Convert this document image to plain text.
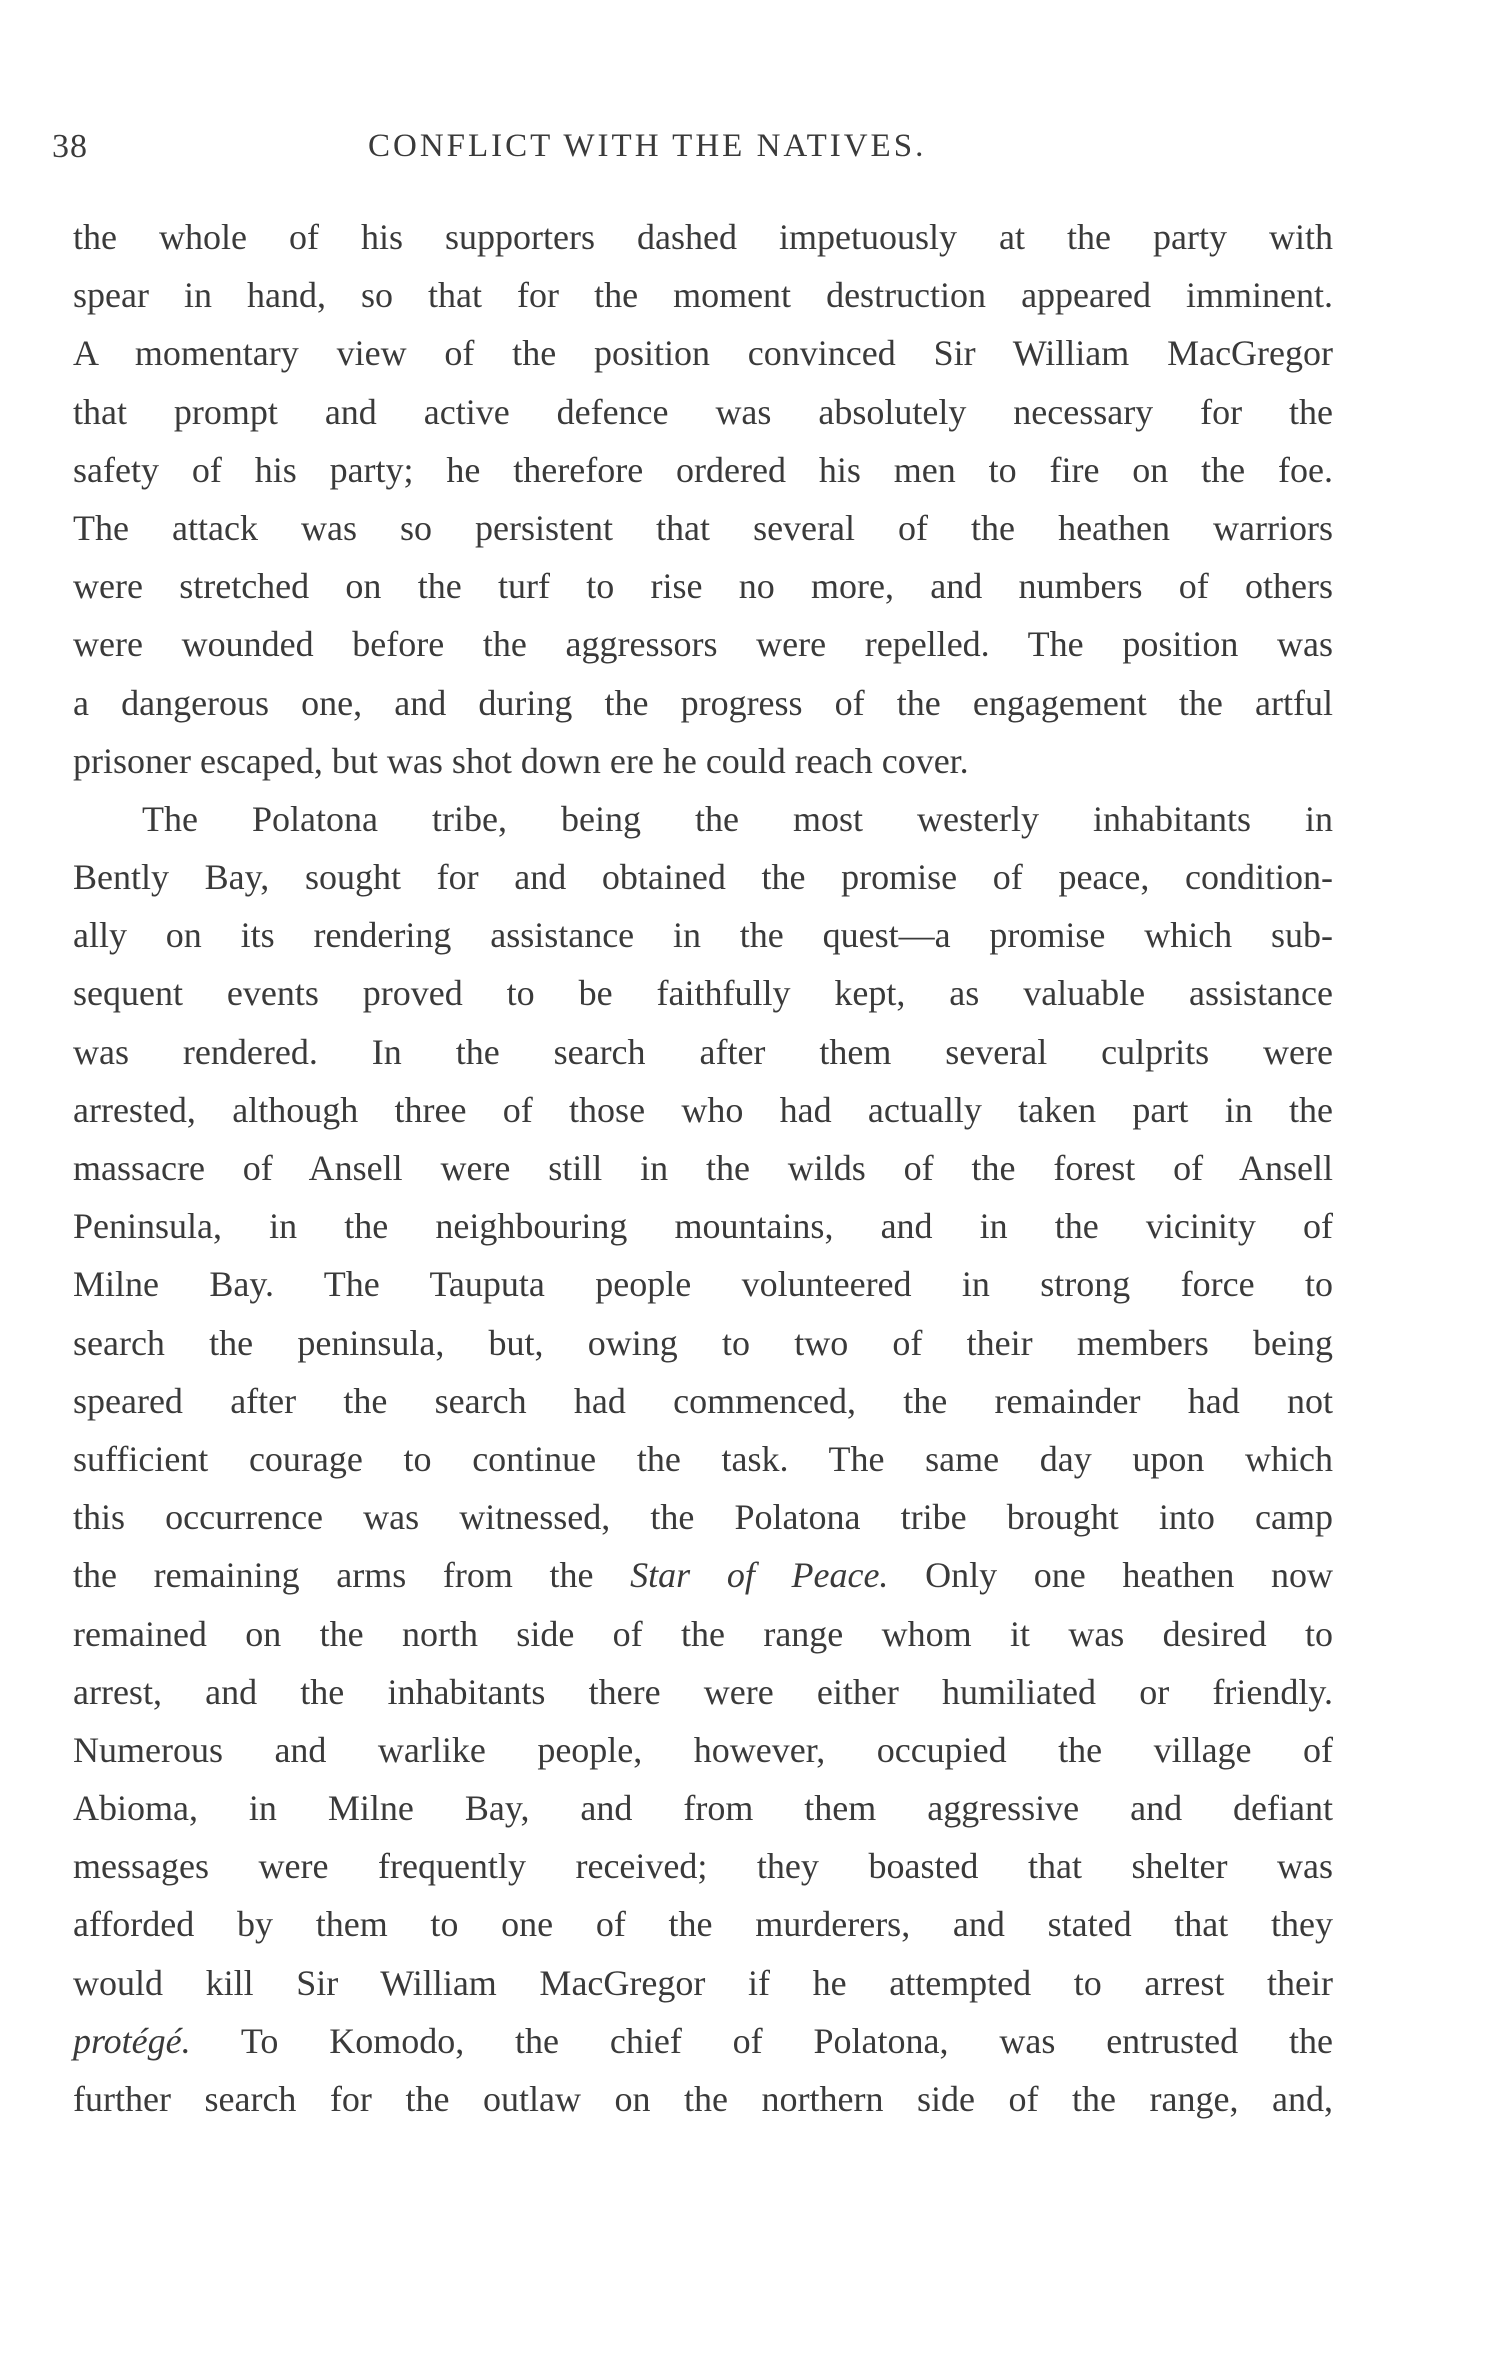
38	CONFLICT WITH THE NATIVES.
the whole of his supporters dashed impetuously at the party with
spear in hand, so that for the moment destruction appeared imminent.
A momentary view of the position convinced Sir William MacGregor
that prompt and active defence was absolutely necessary for the
safety of his party; he therefore ordered his men to fire on the foe.
The attack was so persistent that several of the heathen warriors
were stretched on the turf to rise no more, and numbers of others
were wounded before the aggressors were repelled. The position was
a dangerous one, and during the progress of the engagement the artful
prisoner escaped, but was shot down ere he could reach cover.
The Polatona tribe, being the most westerly inhabitants in
Bently Bay, sought for and obtained the promise of peace, condition-
ally on its rendering assistance in the quest—a promise which sub-
sequent events proved to be faithfully kept, as valuable assistance
was rendered. In the search after them several culprits were
arrested, although three of those who had actually taken part in the
massacre of Ansell were still in the wilds of the forest of Ansell
Peninsula, in the neighbouring mountains, and in the vicinity of
Milne Bay. The Tauputa people volunteered in strong force to
search the peninsula, but, owing to two of their members being
speared after the search had commenced, the remainder had not
sufficient courage to continue the task. The same day upon which
this occurrence was witnessed, the Polatona tribe brought into camp
the remaining arms from the Star of Peace. Only one heathen now
remained on the north side of the range whom it was desired to
arrest, and the inhabitants there were either humiliated or friendly.
Numerous and warlike people, however, occupied the village of
Abioma, in Milne Bay, and from them aggressive and defiant
messages were frequently received; they boasted that shelter was
afforded by them to one of the murderers, and stated that they
would kill Sir William MacGregor if he attempted to arrest their
protégé. To Komodo, the chief of Polatona, was entrusted the
further search for the outlaw on the northern side of the range, and,
